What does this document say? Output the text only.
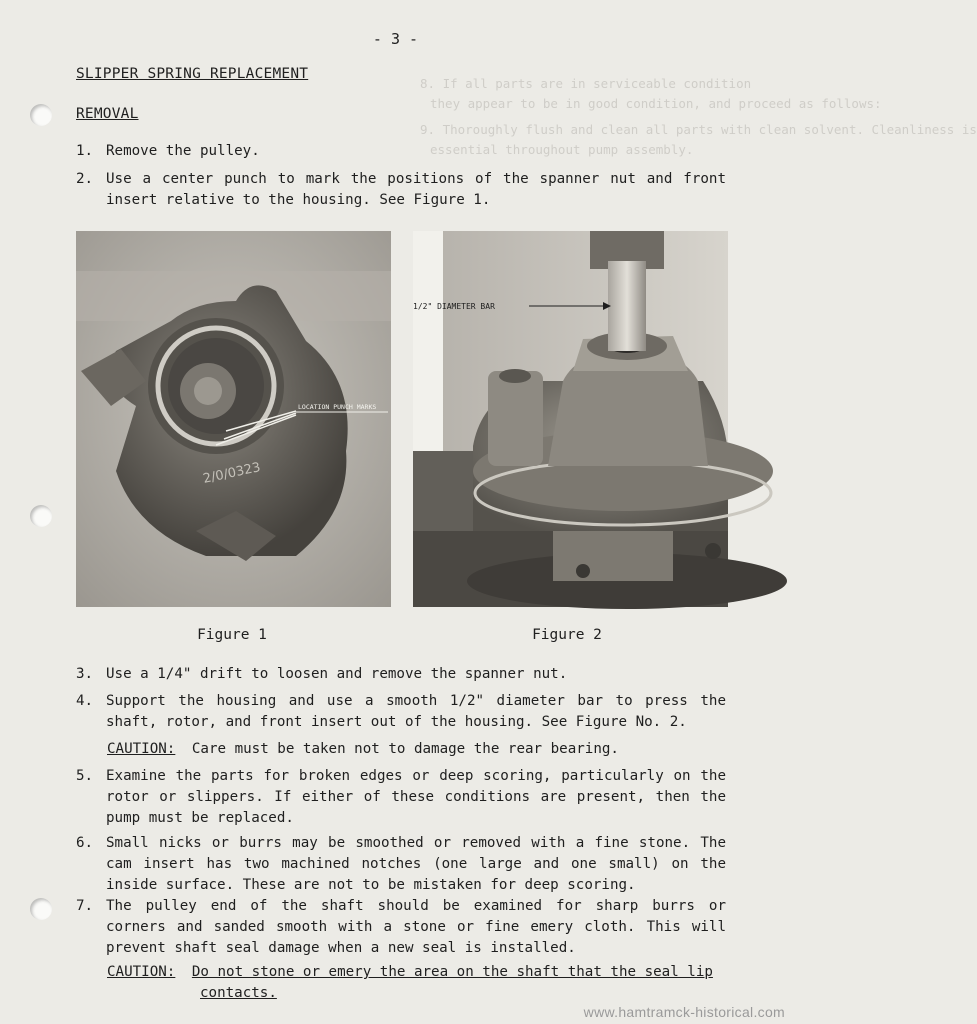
8. If all parts are in serviceable condition
they appear to be in good condition, and proceed as follows:
9. Thoroughly flush and clean all parts with clean solvent. Cleanliness is
essential throughout pump assembly.
- 3 -
SLIPPER SPRING REPLACEMENT
REMOVAL
1. Remove the pulley.
2. Use a center punch to mark the positions of the spanner nut and front insert relative to the housing. See Figure 1.
LOCATION PUNCH MARKS
2/0/0323
1/2" DIAMETER BAR
Figure 1	Figure 2
3. Use a 1/4" drift to loosen and remove the spanner nut.
4. Support the housing and use a smooth 1/2" diameter bar to press the shaft, rotor, and front insert out of the housing. See Figure No. 2.
CAUTION: Care must be taken not to damage the rear bearing.
5. Examine the parts for broken edges or deep scoring, particularly on the rotor or slippers. If either of these conditions are present, then the pump must be replaced.
6. Small nicks or burrs may be smoothed or removed with a fine stone. The cam insert has two machined notches (one large and one small) on the inside surface. These are not to be mistaken for deep scoring.
7. The pulley end of the shaft should be examined for sharp burrs or corners and sanded smooth with a stone or fine emery cloth. This will prevent shaft seal damage when a new seal is installed.
CAUTION: Do not stone or emery the area on the shaft that the seal lip
contacts.
www.hamtramck-historical.com
